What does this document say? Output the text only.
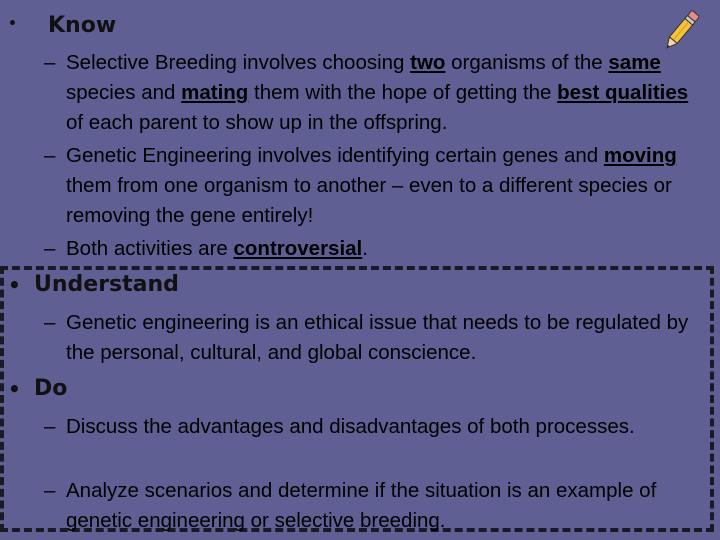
• Know
– Selective Breeding involves choosing two organisms of the same species and mating them with the hope of getting the best qualities of each parent to show up in the offspring.
– Genetic Engineering involves identifying certain genes and moving them from one organism to another – even to a different species or removing the gene entirely!
– Both activities are controversial.
• Understand
– Genetic engineering is an ethical issue that needs to be regulated by the personal, cultural, and global conscience.
• Do
– Discuss the advantages and disadvantages of both processes.
– Analyze scenarios and determine if the situation is an example of genetic engineering or selective breeding.
